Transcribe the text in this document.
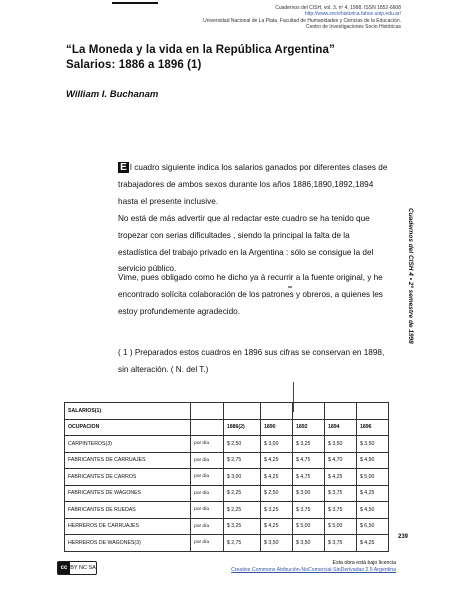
Cuadernos del CISH, vol. 3, nº 4, 1998. ISSN 1852-6608
http://www.sociohistorica.fahce.unlp.edu.ar/
Universidad Nacional de La Plata. Facultad de Humanidades y Ciencias de la Educación.
Centro de Investigaciones Socio Históricas
“La Moneda y la vida en la República Argentina”
Salarios: 1886 a 1896 (1)
William I. Buchanam
E l cuadro siguiente indica los salarios ganados por diferentes clases de trabajadores de ambos sexos durante los años 1886,1890,1892,1894 hasta el presente inclusive.
No está de más advertir que al redactar este cuadro se ha tenido que tropezar con serias dificultades , siendo la principal la falta de la estadística del trabajo privado en la Argentina : sólo se consigue la del servicio público.
Vime, pues obligado como he dicho ya á recurrir a la fuente original, y he encontrado solícita colaboración de los patrones y obreros, a quienes les estoy profundemente agradecido.
( 1 ) Preparados estos cuadros en 1896 sus cifras se conservan en 1898, sin alteración. ( N. del T.)
Cuadernos del CISH 4 • 2º semestre de 1998
SALARIOS(1)						
OCUPACION		1886(2)	1890	1892	1894	1896
CARPINTEROS(3)	por día	$ 2,50	$ 3,00	$ 3,25	$ 3,50	$ 3,50
FABRICANTES DE CARRUAJES	por día	$ 2,75	$ 4,25	$ 4,75	$ 4,70	$ 4,90
FABRICANTES DE CARROS	por día	$ 3,00	$ 4,25	$ 4,75	$ 4,25	$ 5,00
FABRICANTES DE WAGONES	por día	$ 2,25	$ 2,50	$ 3,00	$ 3,75	$ 4,25
FABRICANTES DE RUEDAS	por día	$ 2,25	$ 3,25	$ 3,75	$ 3,75	$ 4,50
HERREROS DE CARRUAJES	por día	$ 3,25	$ 4,25	$ 5,00	$ 5,00	$ 6,50
HERREROS DE WAGONES(3)	por día	$ 2,75	$ 3,50	$ 3,50	$ 3,75	$ 4,25
239
cc BY NC SA
Esta obra está bajo licencia
Creative Commons Atribución-NoComercial-SinDerivadas 2.5 Argentina
